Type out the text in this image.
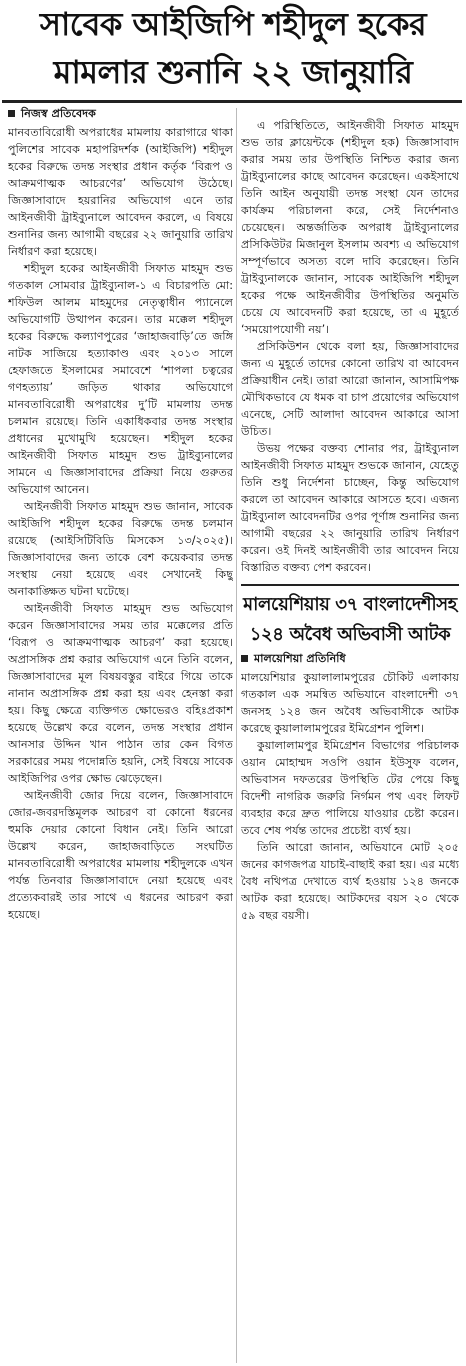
সাবেক আইজিপি শহীদুল হকের
মামলার শুনানি ২২ জানুয়ারি
নিজস্ব প্রতিবেদক

মানবতাবিরোধী অপরাধের মামলায় কারাগারে থাকা পুলিশের সাবেক মহাপরিদর্শক (আইজিপি) শহীদুল হকের বিরুদ্ধে তদন্ত সংস্থার প্রধান কর্তৃক ‘বিরূপ ও আক্রমণাত্মক আচরণের’ অভিযোগ উঠেছে। জিজ্ঞাসাবাদে হয়রানির অভিযোগ এনে তার আইনজীবী ট্রাইব্যুনালে আবেদন করলে, এ বিষয়ে শুনানির জন্য আগামী বছরের ২২ জানুয়ারি তারিখ নির্ধারণ করা হয়েছে।

শহীদুল হকের আইনজীবী সিফাত মাহমুদ শুভ গতকাল সোমবার ট্রাইব্যুনাল-১ এ বিচারপতি মো: শফিউল আলম মাহমুদের নেতৃত্বাধীন প্যানেলে অভিযোগটি উত্থাপন করেন। তার মক্কেল শহীদুল হকের বিরুদ্ধে কল্যাণপুরের ‘জাহাজবাড়ি’তে জঙ্গি নাটক সাজিয়ে হত্যাকাণ্ড এবং ২০১৩ সালে হেফাজতে ইসলামের সমাবেশে ‘শাপলা চত্বরের গণহত্যায়’ জড়িত থাকার অভিযোগে মানবতাবিরোধী অপরাধের দু’টি মামলায় তদন্ত চলমান রয়েছে। তিনি একাধিকবার তদন্ত সংস্থার প্রধানের মুখোমুখি হয়েছেন। শহীদুল হকের আইনজীবী সিফাত মাহমুদ শুভ ট্রাইব্যুনালের সামনে এ জিজ্ঞাসাবাদের প্রক্রিয়া নিয়ে গুরুতর অভিযোগ আনেন।

আইনজীবী সিফাত মাহমুদ শুভ জানান, সাবেক আইজিপি শহীদুল হকের বিরুদ্ধে তদন্ত চলমান রয়েছে (আইসিটিবিডি মিসকেস ১৩/২০২৫)। জিজ্ঞাসাবাদের জন্য তাকে বেশ কয়েকবার তদন্ত সংস্থায় নেয়া হয়েছে এবং সেখানেই কিছু অনাকাঙ্ক্ষিত ঘটনা ঘটেছে।

আইনজীবী সিফাত মাহমুদ শুভ অভিযোগ করেন জিজ্ঞাসাবাদের সময় তার মক্কেলের প্রতি ‘বিরূপ ও আক্রমণাত্মক আচরণ’ করা হয়েছে। অপ্রাসঙ্গিক প্রশ্ন করার অভিযোগ এনে তিনি বলেন, জিজ্ঞাসাবাদের মূল বিষয়বস্তুর বাইরে গিয়ে তাকে নানান অপ্রাসঙ্গিক প্রশ্ন করা হয় এবং হেনস্তা করা হয়। কিছু ক্ষেত্রে ব্যক্তিগত ক্ষোভেরও বহিঃপ্রকাশ হয়েছে উল্লেখ করে বলেন, তদন্ত সংস্থার প্রধান আনসার উদ্দিন খান পাঠান তার কেন বিগত সরকারের সময় পদোন্নতি হয়নি, সেই বিষয়ে সাবেক আইজিপির ওপর ক্ষোভ ঝেড়েছেন।

আইনজীবী জোর দিয়ে বলেন, জিজ্ঞাসাবাদে জোর-জবরদস্তিমূলক আচরণ বা কোনো ধরনের হুমকি দেয়ার কোনো বিধান নেই। তিনি আরো উল্লেখ করেন, জাহাজবাড়িতে সংঘটিত মানবতাবিরোধী অপরাধের মামলায় শহীদুলকে এখন পর্যন্ত তিনবার জিজ্ঞাসাবাদে নেয়া হয়েছে এবং প্রত্যেকবারই তার সাথে এ ধরনের আচরণ করা হয়েছে।

এ পরিস্থিতিতে, আইনজীবী সিফাত মাহমুদ শুভ তার ক্লায়েন্টকে (শহীদুল হক) জিজ্ঞাসাবাদ করার সময় তার উপস্থিতি নিশ্চিত করার জন্য ট্রাইব্যুনালের কাছে আবেদন করেছেন। একইসাথে তিনি আইন অনুযায়ী তদন্ত সংস্থা যেন তাদের কার্যক্রম পরিচালনা করে, সেই নির্দেশনাও চেয়েছেন। অন্তর্জাতিক অপরাধ ট্রাইব্যুনালের প্রসিকিউটর মিজানুল ইসলাম অবশ্য এ অভিযোগ সম্পূর্ণভাবে অসত্য বলে দাবি করেছেন। তিনি ট্রাইব্যুনালকে জানান, সাবেক আইজিপি শহীদুল হকের পক্ষে আইনজীবীর উপস্থিতির অনুমতি চেয়ে যে আবেদনটি করা হয়েছে, তা এ মুহূর্তে ‘সময়োপযোগী নয়’।

প্রসিকিউশন থেকে বলা হয়, জিজ্ঞাসাবাদের জন্য এ মুহূর্তে তাদের কোনো তারিখ বা আবেদন প্রক্রিয়াধীন নেই। তারা আরো জানান, আসামিপক্ষ মৌখিকভাবে যে ধমক বা চাপ প্রয়োগের অভিযোগ এনেছে, সেটি আলাদা আবেদন আকারে আসা উচিত।

উভয় পক্ষের বক্তব্য শোনার পর, ট্রাইব্যুনাল আইনজীবী সিফাত মাহমুদ শুভকে জানান, যেহেতু তিনি শুধু নির্দেশনা চাচ্ছেন, কিন্তু অভিযোগ করলে তা আবেদন আকারে আসতে হবে। এজন্য ট্রাইব্যুনাল আবেদনটির ওপর পূর্ণাঙ্গ শুনানির জন্য আগামী বছরের ২২ জানুয়ারি তারিখ নির্ধারণ করেন। ওই দিনই আইনজীবী তার আবেদন নিয়ে বিস্তারিত বক্তব্য পেশ করবেন।

মালয়েশিয়ায় ৩৭ বাংলাদেশীসহ
১২৪ অবৈধ অভিবাসী আটক
মালয়েশিয়া প্রতিনিধি

মালয়েশিয়ার কুয়ালালামপুরের চৌকিট এলাকায় গতকাল এক সমন্বিত অভিযানে বাংলাদেশী ৩৭ জনসহ ১২৪ জন অবৈধ অভিবাসীকে আটক করেছে কুয়ালালামপুরের ইমিগ্রেশন পুলিশ।

কুয়ালালামপুর ইমিগ্রেশন বিভাগের পরিচালক ওয়ান মোহাম্মদ সওপি ওয়ান ইউসুফ বলেন, অভিবাসন দফতরের উপস্থিতি টের পেয়ে কিছু বিদেশী নাগরিক জরুরি নির্গমন পথ এবং লিফট ব্যবহার করে দ্রুত পালিয়ে যাওয়ার চেষ্টা করেন। তবে শেষ পর্যন্ত তাদের প্রচেষ্টা ব্যর্থ হয়।

তিনি আরো জানান, অভিযানে মোট ২০৫ জনের কাগজপত্র যাচাই-বাছাই করা হয়। এর মধ্যে বৈধ নথিপত্র দেখাতে ব্যর্থ হওয়ায় ১২৪ জনকে আটক করা হয়েছে। আটকদের বয়স ২০ থেকে ৫৯ বছর বয়সী।
